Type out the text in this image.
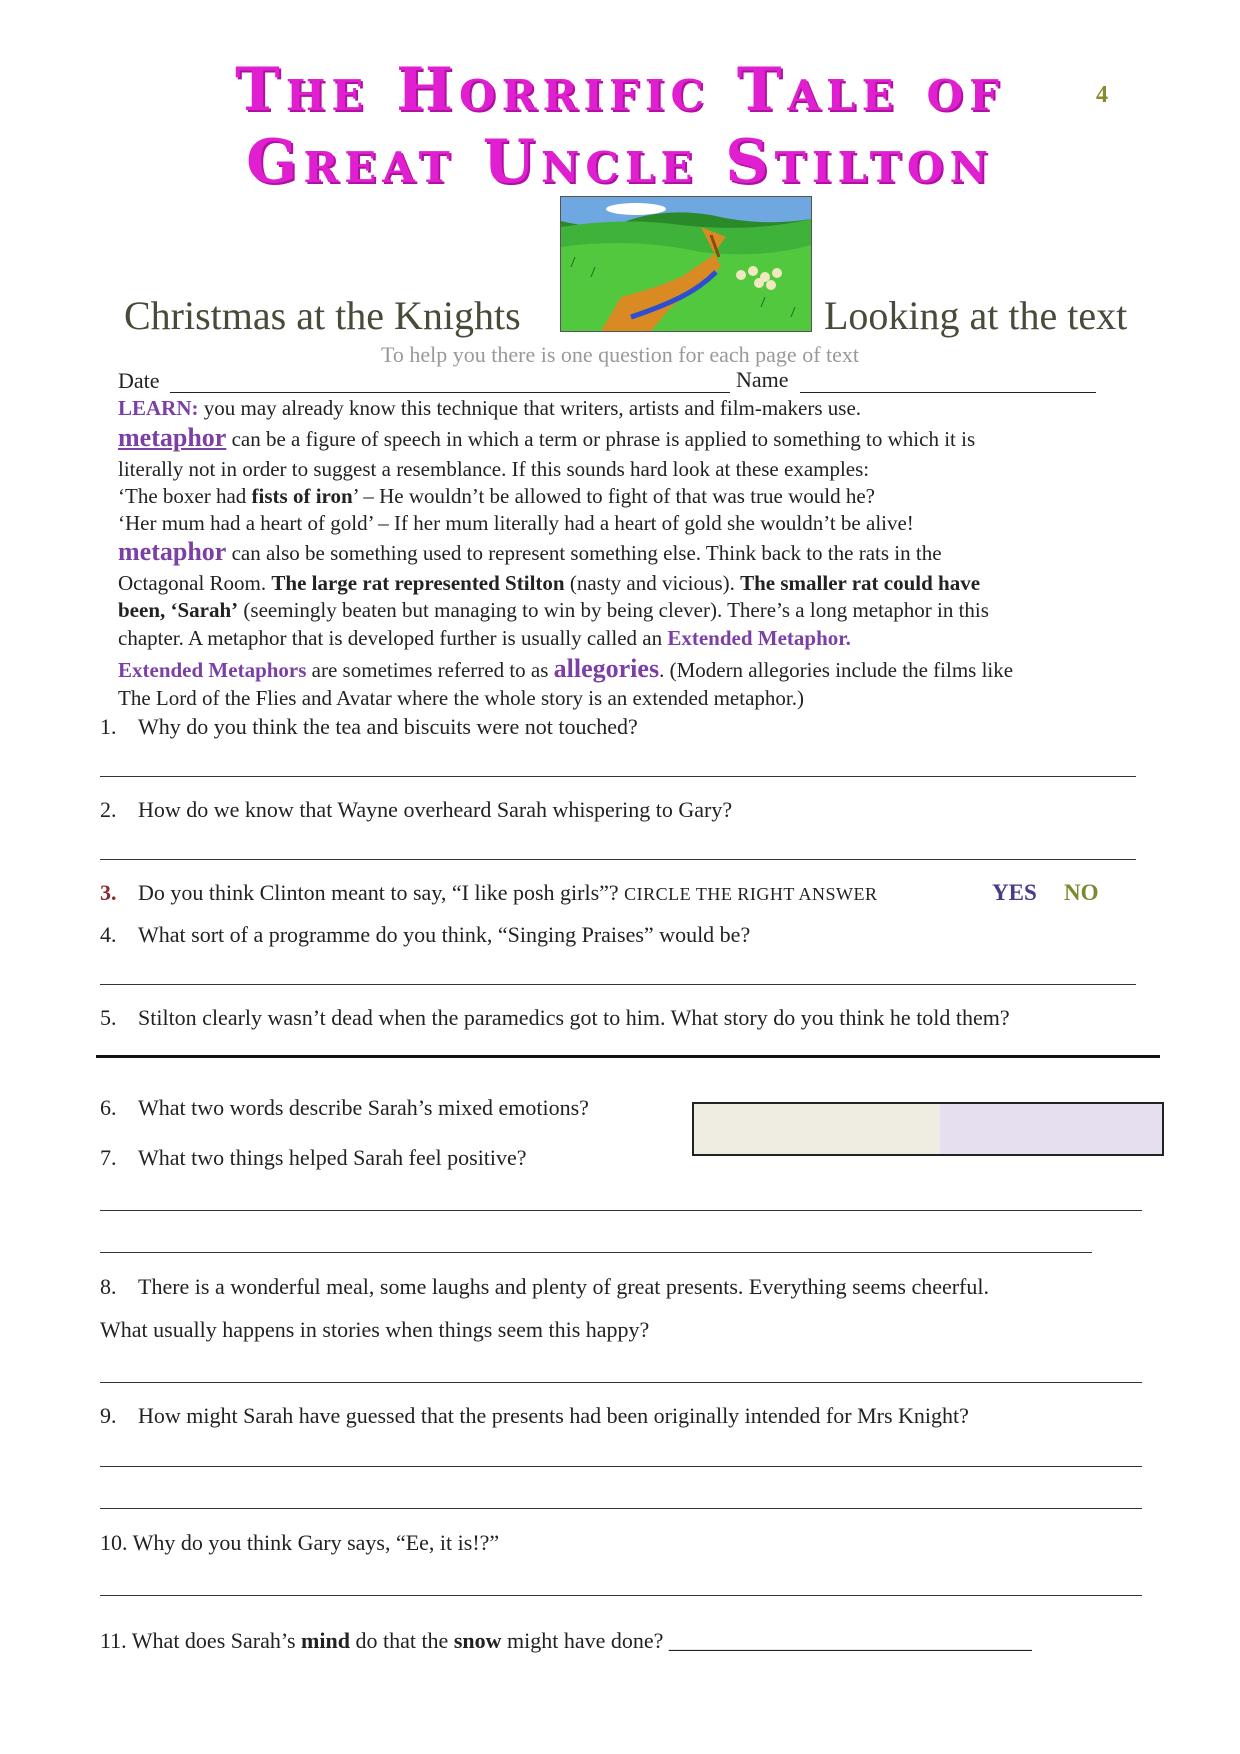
The Horrific Tale of
Great Uncle Stilton
4
Christmas at the Knights	Looking at the text
To help you there is one question for each page of text
Date	Name
LEARN: you may already know this technique that writers, artists and film-makers use.
metaphor can be a figure of speech in which a term or phrase is applied to something to which it is
literally not in order to suggest a resemblance. If this sounds hard look at these examples:
‘The boxer had fists of iron’ – He wouldn’t be allowed to fight of that was true would he?
‘Her mum had a heart of gold’ – If her mum literally had a heart of gold she wouldn’t be alive!
metaphor can also be something used to represent something else. Think back to the rats in the
Octagonal Room. The large rat represented Stilton (nasty and vicious). The smaller rat could have
been, ‘Sarah’ (seemingly beaten but managing to win by being clever). There’s a long metaphor in this
chapter. A metaphor that is developed further is usually called an Extended Metaphor.
Extended Metaphors are sometimes referred to as allegories. (Modern allegories include the films like
The Lord of the Flies and Avatar where the whole story is an extended metaphor.)
1. Why do you think the tea and biscuits were not touched?
2. How do we know that Wayne overheard Sarah whispering to Gary?
3. Do you think Clinton meant to say, “I like posh girls”? CIRCLE THE RIGHT ANSWER	YES NO
4. What sort of a programme do you think, “Singing Praises” would be?
5. Stilton clearly wasn’t dead when the paramedics got to him. What story do you think he told them?
6. What two words describe Sarah’s mixed emotions?
7. What two things helped Sarah feel positive?
8. There is a wonderful meal, some laughs and plenty of great presents. Everything seems cheerful.
What usually happens in stories when things seem this happy?
9. How might Sarah have guessed that the presents had been originally intended for Mrs Knight?
10. Why do you think Gary says, “Ee, it is!?”
11. What does Sarah’s mind do that the snow might have done? _________________________________
